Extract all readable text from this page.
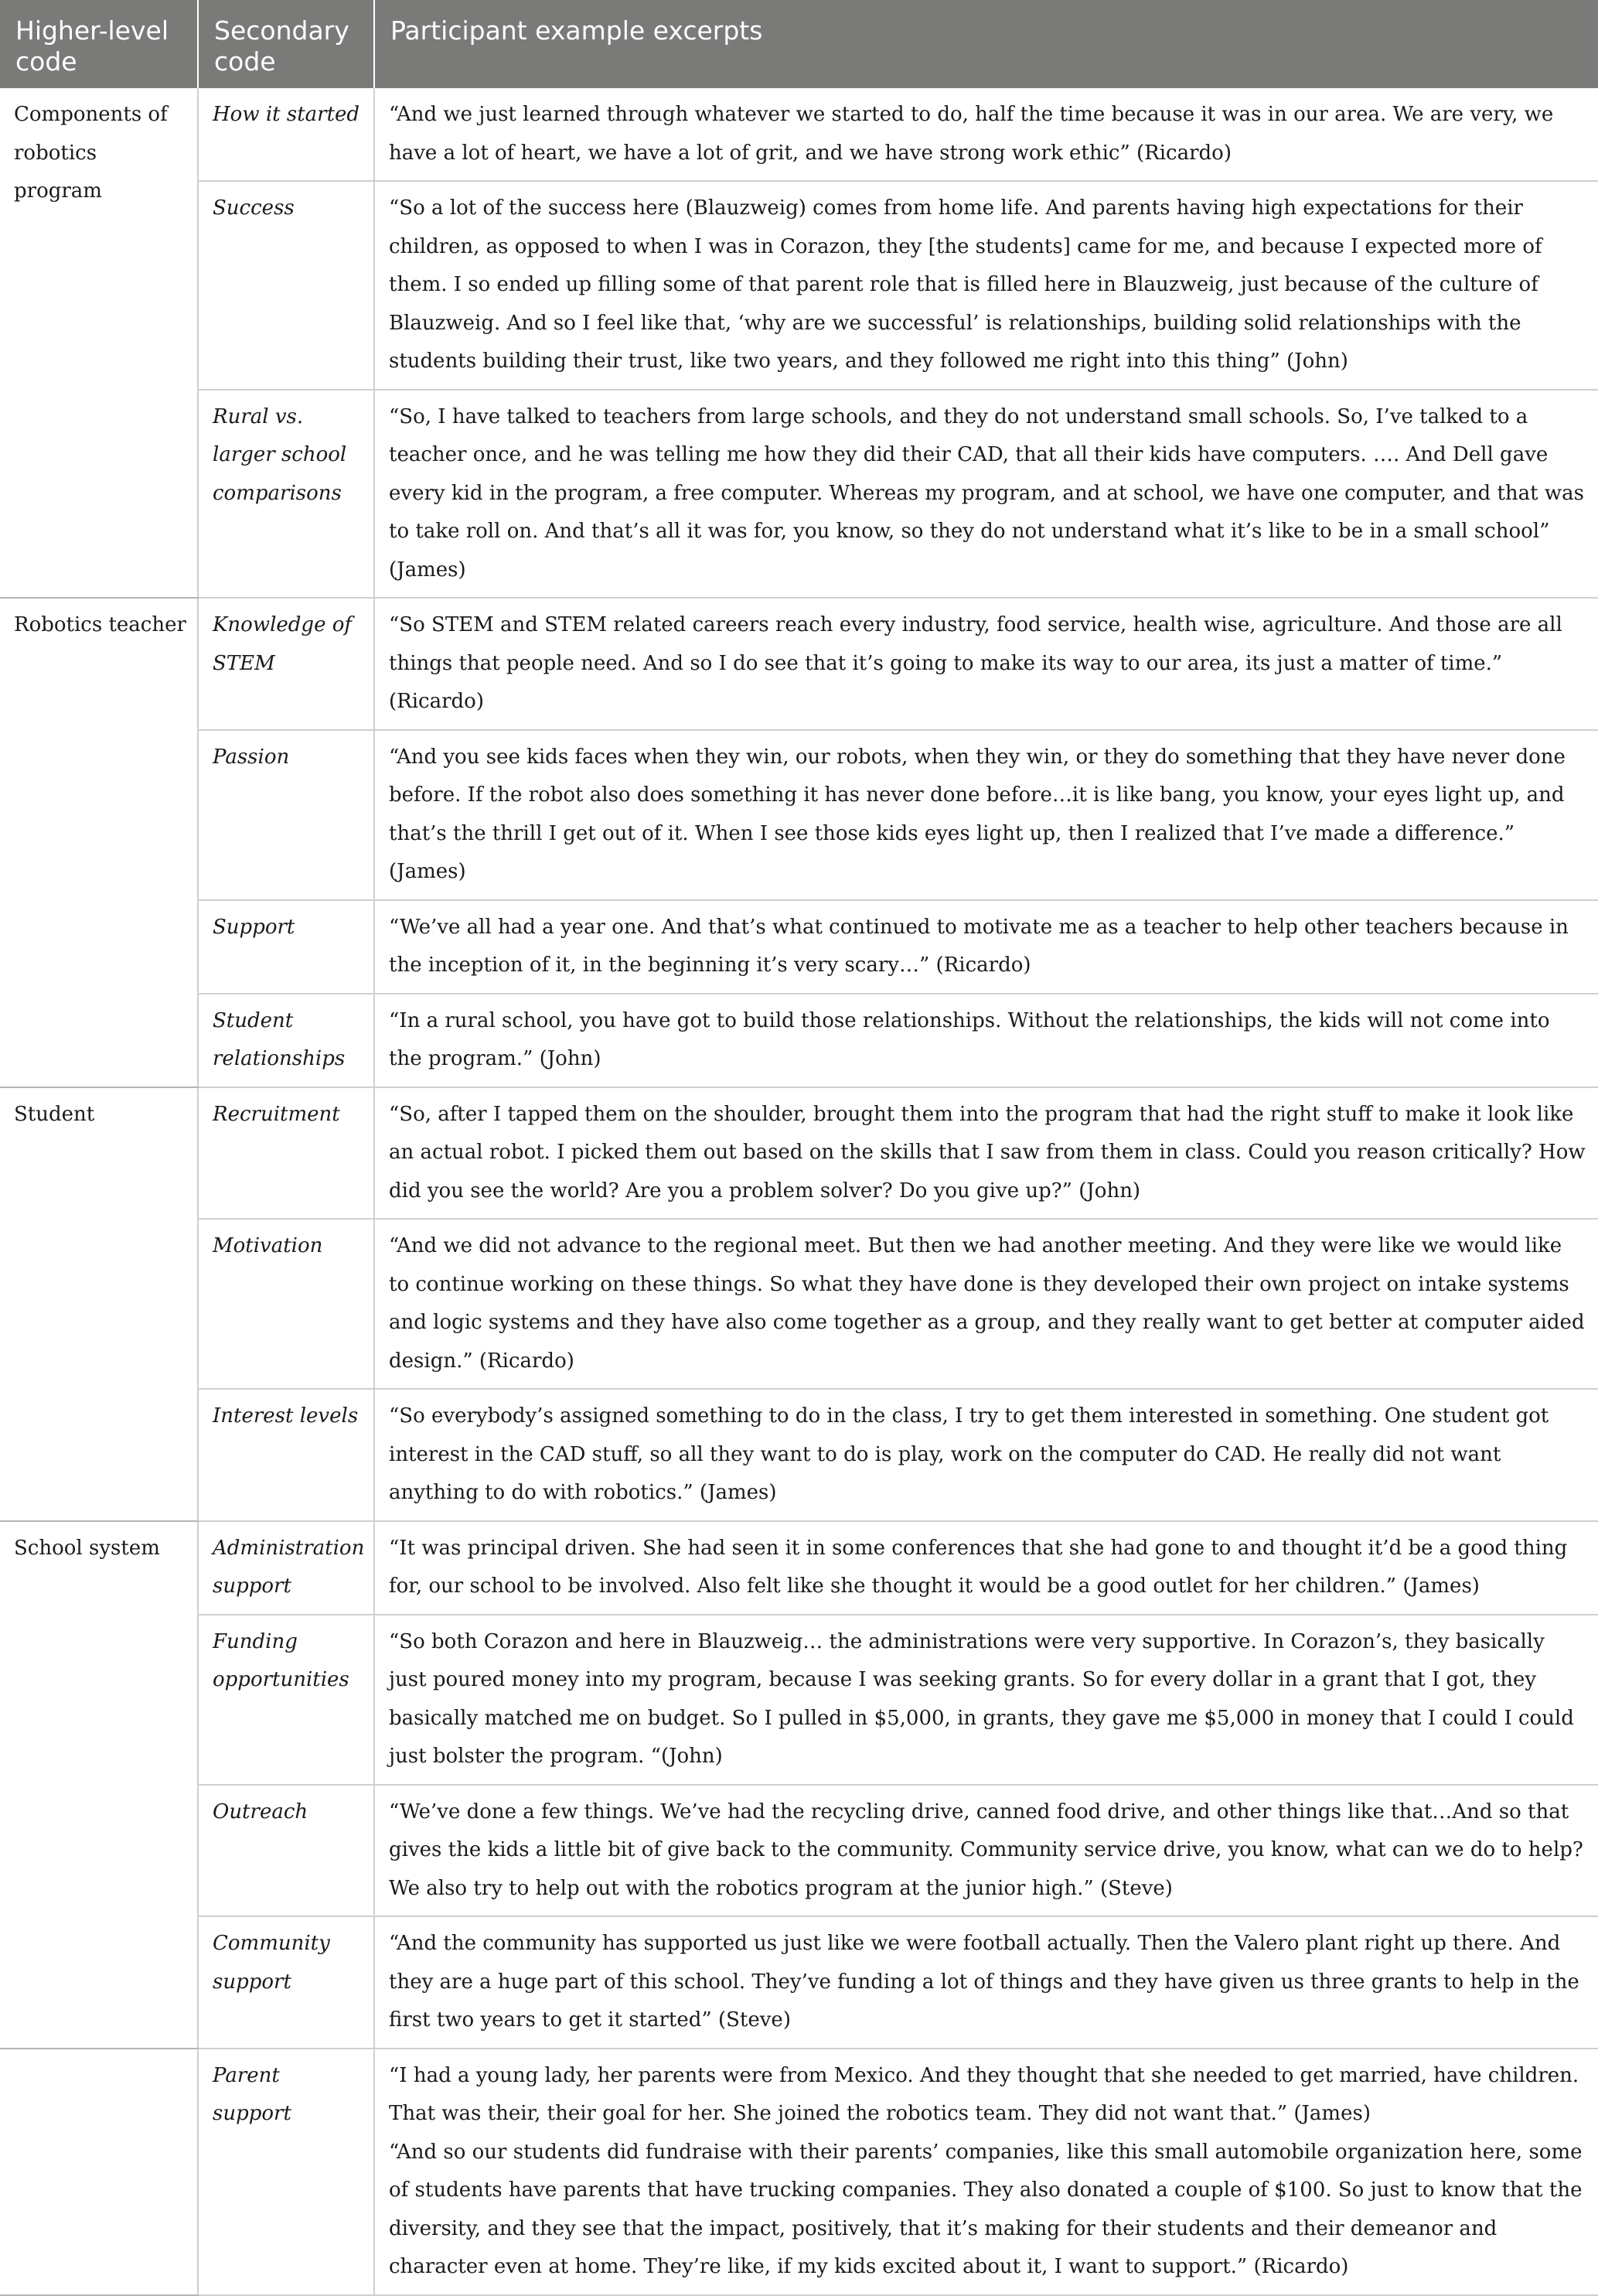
Higher-level code	Secondary code	Participant example excerpts
Components of robotics program	How it started	“And we just learned through whatever we started to do, half the time because it was in our area. We are very, we have a lot of heart, we have a lot of grit, and we have strong work ethic” (Ricardo)

	Success	“So a lot of the success here (Blauzweig) comes from home life. And parents having high expectations for their children, as opposed to when I was in Corazon, they [the students] came for me, and because I expected more of them. I so ended up filling some of that parent role that is filled here in Blauzweig, just because of the culture of Blauzweig. And so I feel like that, ‘why are we successful’ is relationships, building solid relationships with the students building their trust, like two years, and they followed me right into this thing” (John)

	Rural vs. larger school comparisons	“So, I have talked to teachers from large schools, and they do not understand small schools. So, I’ve talked to a teacher once, and he was telling me how they did their CAD, that all their kids have computers. …. And Dell gave every kid in the program, a free computer. Whereas my program, and at school, we have one computer, and that was to take roll on. And that’s all it was for, you know, so they do not understand what it’s like to be in a small school” (James)

Robotics teacher	Knowledge of STEM	“So STEM and STEM related careers reach every industry, food service, health wise, agriculture. And those are all things that people need. And so I do see that it’s going to make its way to our area, its just a matter of time.” (Ricardo)

	Passion	“And you see kids faces when they win, our robots, when they win, or they do something that they have never done before. If the robot also does something it has never done before…it is like bang, you know, your eyes light up, and that’s the thrill I get out of it. When I see those kids eyes light up, then I realized that I’ve made a difference.” (James)

	Support	“We’ve all had a year one. And that’s what continued to motivate me as a teacher to help other teachers because in the inception of it, in the beginning it’s very scary…” (Ricardo)

	Student relationships	“In a rural school, you have got to build those relationships. Without the relationships, the kids will not come into the program.” (John)

Student	Recruitment	“So, after I tapped them on the shoulder, brought them into the program that had the right stuff to make it look like an actual robot. I picked them out based on the skills that I saw from them in class. Could you reason critically? How did you see the world? Are you a problem solver? Do you give up?” (John)

	Motivation	“And we did not advance to the regional meet. But then we had another meeting. And they were like we would like to continue working on these things. So what they have done is they developed their own project on intake systems and logic systems and they have also come together as a group, and they really want to get better at computer aided design.” (Ricardo)

	Interest levels	“So everybody’s assigned something to do in the class, I try to get them interested in something. One student got interest in the CAD stuff, so all they want to do is play, work on the computer do CAD. He really did not want anything to do with robotics.” (James)

School system	Administration support	“It was principal driven. She had seen it in some conferences that she had gone to and thought it’d be a good thing for, our school to be involved. Also felt like she thought it would be a good outlet for her children.” (James)

	Funding opportunities	“So both Corazon and here in Blauzweig… the administrations were very supportive. In Corazon’s, they basically just poured money into my program, because I was seeking grants. So for every dollar in a grant that I got, they basically matched me on budget. So I pulled in $5,000, in grants, they gave me $5,000 in money that I could I could just bolster the program. “(John)

	Outreach	“We’ve done a few things. We’ve had the recycling drive, canned food drive, and other things like that…And so that gives the kids a little bit of give back to the community. Community service drive, you know, what can we do to help? We also try to help out with the robotics program at the junior high.” (Steve)

	Community support	“And the community has supported us just like we were football actually. Then the Valero plant right up there. And they are a huge part of this school. They’ve funding a lot of things and they have given us three grants to help in the first two years to get it started” (Steve)

	Parent support	“I had a young lady, her parents were from Mexico. And they thought that she needed to get married, have children. That was their, their goal for her. She joined the robotics team. They did not want that.” (James)
“And so our students did fundraise with their parents’ companies, like this small automobile organization here, some of students have parents that have trucking companies. They also donated a couple of $100. So just to know that the diversity, and they see that the impact, positively, that it’s making for their students and their demeanor and character even at home. They’re like, if my kids excited about it, I want to support.” (Ricardo)
